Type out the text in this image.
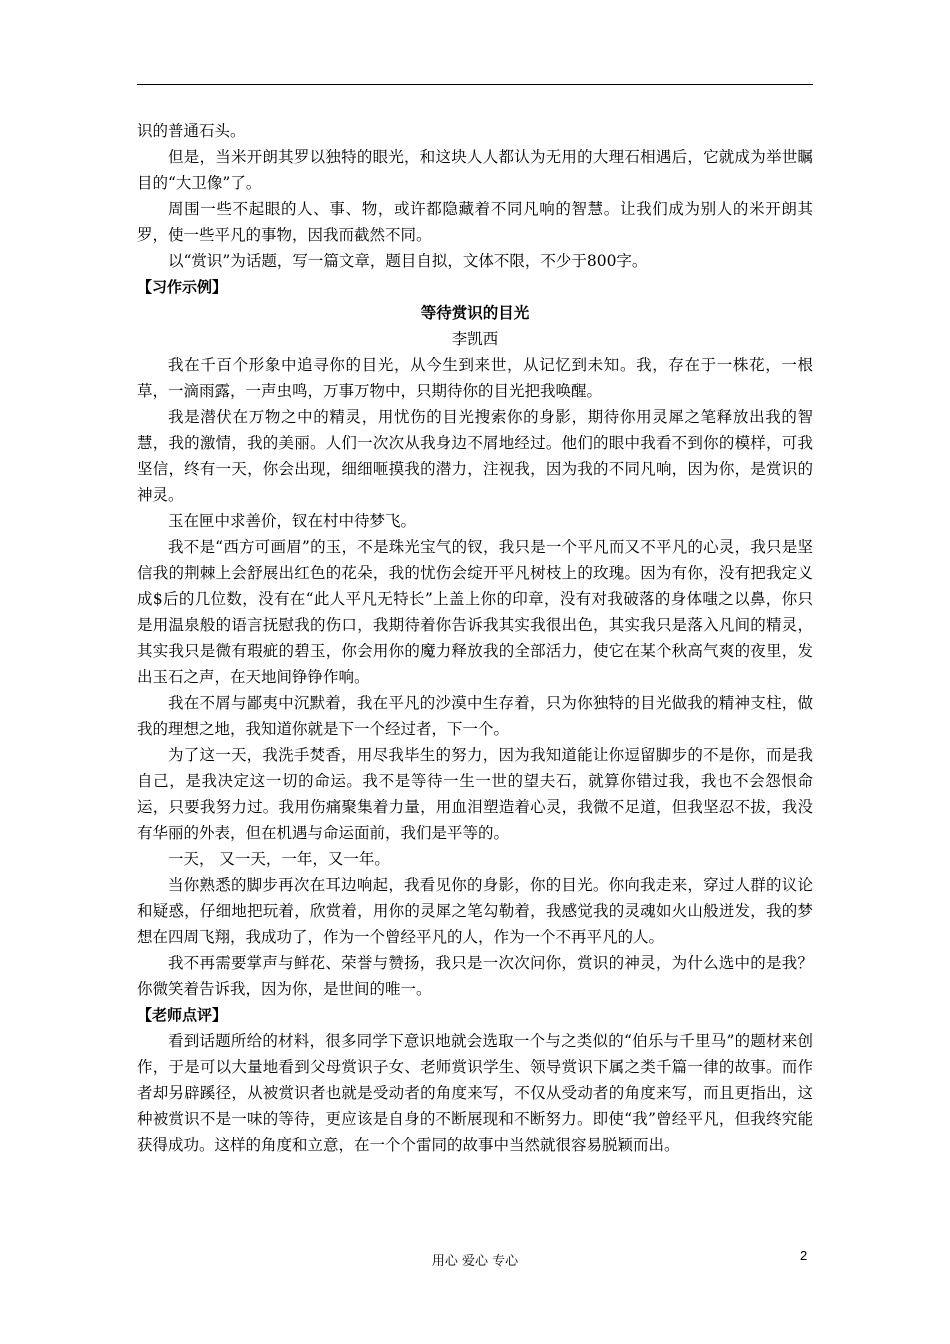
识的普通石头。

但是，当米开朗其罗以独特的眼光，和这块人人都认为无用的大理石相遇后，它就成为举世瞩目的“大卫像”了。

周围一些不起眼的人、事、物，或许都隐藏着不同凡响的智慧。让我们成为别人的米开朗其罗，使一些平凡的事物，因我而截然不同。

以“赏识”为话题，写一篇文章，题目自拟，文体不限，不少于800字。

【习作示例】
等待赏识的目光
李凯西

我在千百个形象中追寻你的目光，从今生到来世，从记忆到未知。我，存在于一株花，一根草，一滴雨露，一声虫鸣，万事万物中，只期待你的目光把我唤醒。

我是潜伏在万物之中的精灵，用忧伤的目光搜索你的身影，期待你用灵犀之笔释放出我的智慧，我的激情，我的美丽。人们一次次从我身边不屑地经过。他们的眼中我看不到你的模样，可我坚信，终有一天，你会出现，细细咂摸我的潜力，注视我，因为我的不同凡响，因为你，是赏识的神灵。

玉在匣中求善价，钗在村中待梦飞。

我不是“西方可画眉”的玉，不是珠光宝气的钗，我只是一个平凡而又不平凡的心灵，我只是坚信我的荆棘上会舒展出红色的花朵，我的忧伤会绽开平凡树枝上的玫瑰。因为有你，没有把我定义成$后的几位数，没有在“此人平凡无特长”上盖上你的印章，没有对我破落的身体嗤之以鼻，你只是用温泉般的语言抚慰我的伤口，我期待着你告诉我其实我很出色，其实我只是落入凡间的精灵，其实我只是微有瑕疵的碧玉，你会用你的魔力释放我的全部活力，使它在某个秋高气爽的夜里，发出玉石之声，在天地间铮铮作响。

我在不屑与鄙夷中沉默着，我在平凡的沙漠中生存着，只为你独特的目光做我的精神支柱，做我的理想之地，我知道你就是下一个经过者，下一个。

为了这一天，我洗手焚香，用尽我毕生的努力，因为我知道能让你逗留脚步的不是你，而是我自己，是我决定这一切的命运。我不是等待一生一世的望夫石，就算你错过我，我也不会怨恨命运，只要我努力过。我用伤痛聚集着力量，用血泪塑造着心灵，我微不足道，但我坚忍不拔，我没有华丽的外表，但在机遇与命运面前，我们是平等的。

一天， 又一天，一年，又一年。

当你熟悉的脚步再次在耳边响起，我看见你的身影，你的目光。你向我走来，穿过人群的议论和疑惑，仔细地把玩着，欣赏着，用你的灵犀之笔勾勒着，我感觉我的灵魂如火山般迸发，我的梦想在四周飞翔，我成功了，作为一个曾经平凡的人，作为一个不再平凡的人。

我不再需要掌声与鲜花、荣誉与赞扬，我只是一次次问你，赏识的神灵，为什么选中的是我？你微笑着告诉我，因为你，是世间的唯一。

【老师点评】

看到话题所给的材料，很多同学下意识地就会选取一个与之类似的“伯乐与千里马”的题材来创作，于是可以大量地看到父母赏识子女、老师赏识学生、领导赏识下属之类千篇一律的故事。而作者却另辟蹊径，从被赏识者也就是受动者的角度来写，不仅从受动者的角度来写，而且更指出，这种被赏识不是一味的等待，更应该是自身的不断展现和不断努力。即使“我”曾经平凡，但我终究能获得成功。这样的角度和立意，在一个个雷同的故事中当然就很容易脱颖而出。

用心 爱心 专心	2
